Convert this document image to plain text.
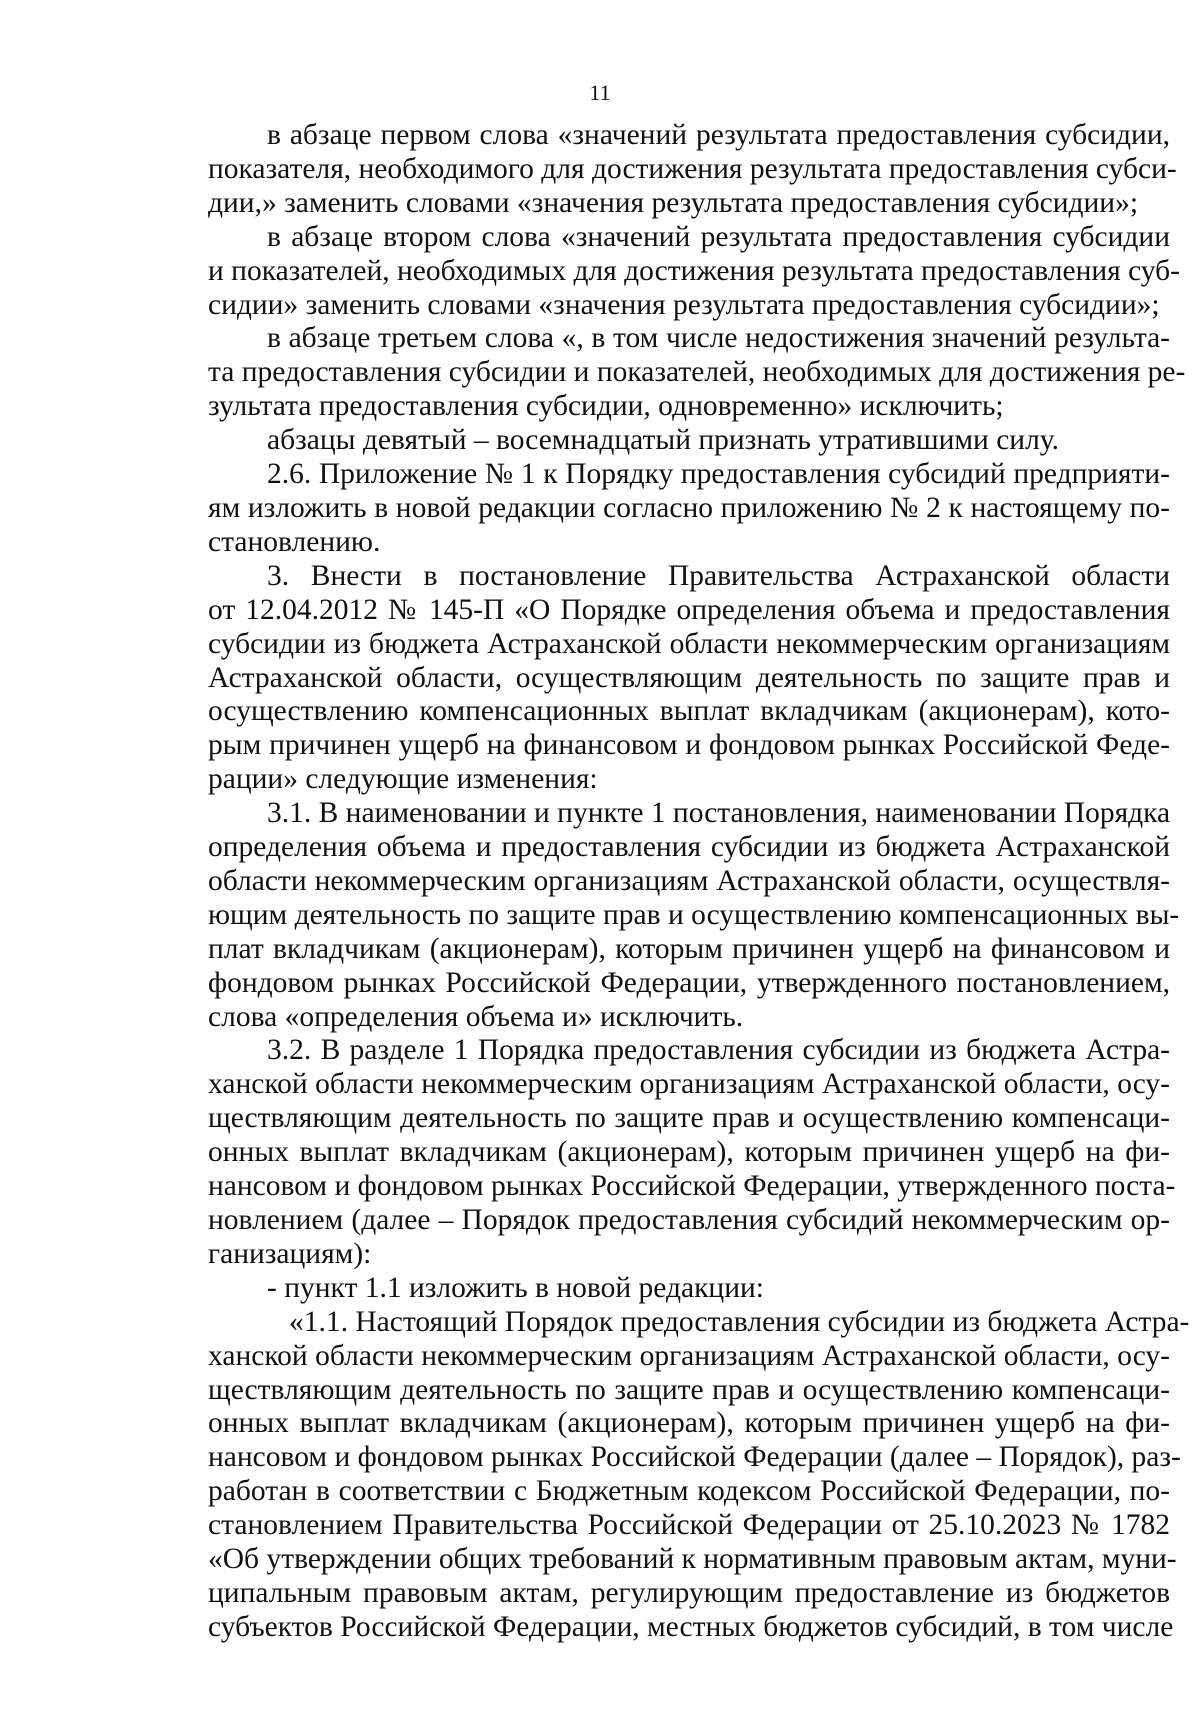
11
в абзаце первом слова «значений результата предоставления субсидии,
показателя, необходимого для достижения результата предоставления субси-
дии,» заменить словами «значения результата предоставления субсидии»;
в абзаце втором слова «значений результата предоставления субсидии
и показателей, необходимых для достижения результата предоставления суб-
сидии» заменить словами «значения результата предоставления субсидии»;
в абзаце третьем слова «, в том числе недостижения значений результа-
та предоставления субсидии и показателей, необходимых для достижения ре-
зультата предоставления субсидии, одновременно» исключить;
абзацы девятый – восемнадцатый признать утратившими силу.
2.6. Приложение № 1 к Порядку предоставления субсидий предприяти-
ям изложить в новой редакции согласно приложению № 2 к настоящему по-
становлению.
3. Внести в постановление Правительства Астраханской области
от 12.04.2012 № 145-П «О Порядке определения объема и предоставления
субсидии из бюджета Астраханской области некоммерческим организациям
Астраханской области, осуществляющим деятельность по защите прав и
осуществлению компенсационных выплат вкладчикам (акционерам), кото-
рым причинен ущерб на финансовом и фондовом рынках Российской Феде-
рации» следующие изменения:
3.1. В наименовании и пункте 1 постановления, наименовании Порядка
определения объема и предоставления субсидии из бюджета Астраханской
области некоммерческим организациям Астраханской области, осуществля-
ющим деятельность по защите прав и осуществлению компенсационных вы-
плат вкладчикам (акционерам), которым причинен ущерб на финансовом и
фондовом рынках Российской Федерации, утвержденного постановлением,
слова «определения объема и» исключить.
3.2. В разделе 1 Порядка предоставления субсидии из бюджета Астра-
ханской области некоммерческим организациям Астраханской области, осу-
ществляющим деятельность по защите прав и осуществлению компенсаци-
онных выплат вкладчикам (акционерам), которым причинен ущерб на фи-
нансовом и фондовом рынках Российской Федерации, утвержденного поста-
новлением (далее – Порядок предоставления субсидий некоммерческим ор-
ганизациям):
- пункт 1.1 изложить в новой редакции:
«1.1. Настоящий Порядок предоставления субсидии из бюджета Астра-
ханской области некоммерческим организациям Астраханской области, осу-
ществляющим деятельность по защите прав и осуществлению компенсаци-
онных выплат вкладчикам (акционерам), которым причинен ущерб на фи-
нансовом и фондовом рынках Российской Федерации (далее – Порядок), раз-
работан в соответствии с Бюджетным кодексом Российской Федерации, по-
становлением Правительства Российской Федерации от 25.10.2023 № 1782
«Об утверждении общих требований к нормативным правовым актам, муни-
ципальным правовым актам, регулирующим предоставление из бюджетов
субъектов Российской Федерации, местных бюджетов субсидий, в том числе
